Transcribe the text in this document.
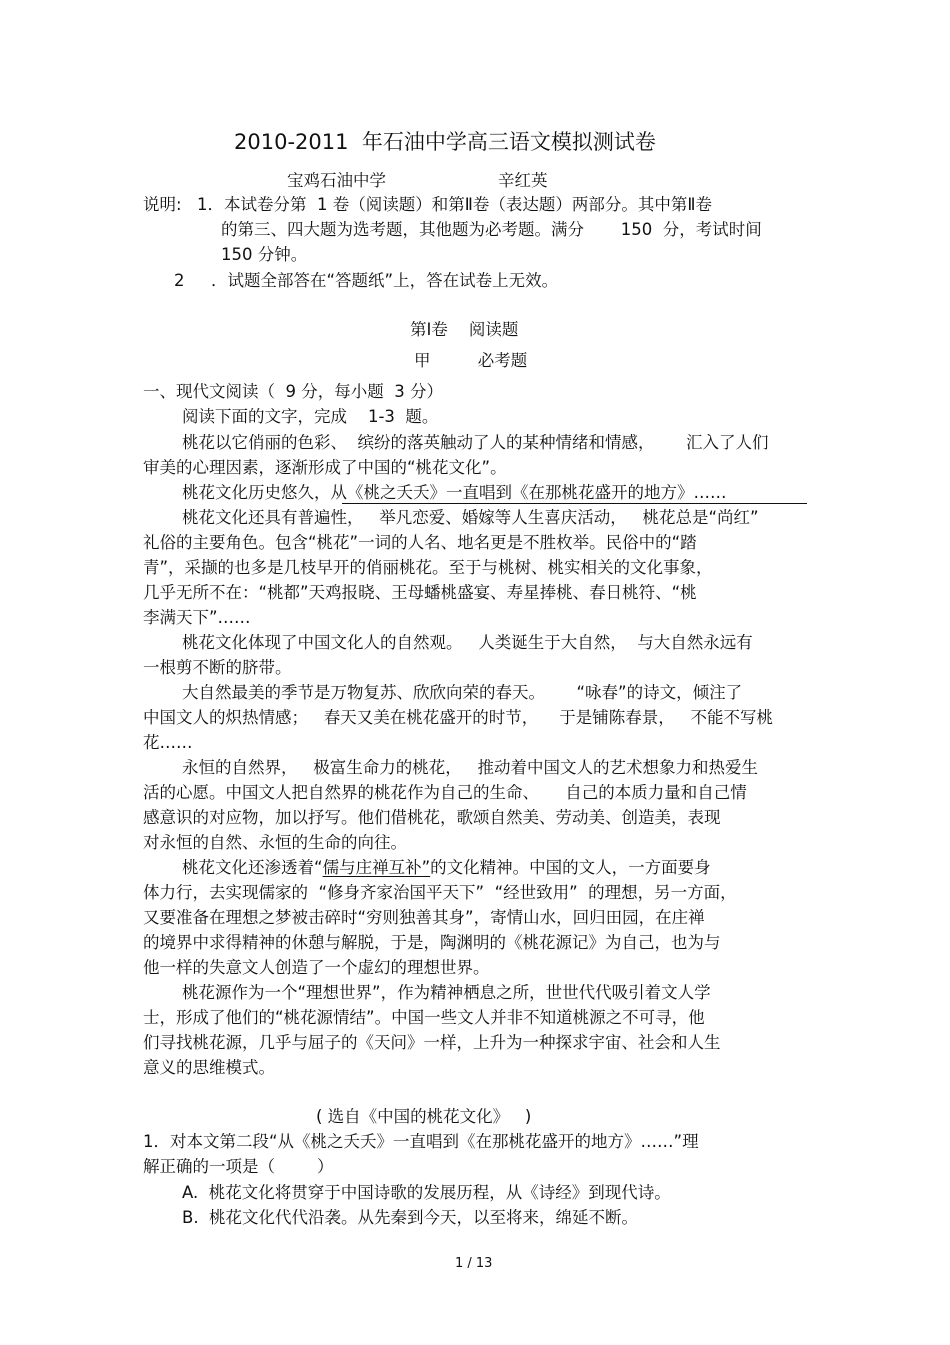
2010-2011  年石油中学高三语文模拟测试卷
宝鸡石油中学	辛红英
说明: 1．本试卷分第  1 卷（阅读题）和第Ⅱ卷（表达题）两部分。其中第Ⅱ卷
的第三、四大题为选考题，其他题为必考题。满分       150  分，考试时间
150 分钟。
2 ．试题全部答在“答题纸”上，答在试卷上无效。
第Ⅰ卷    阅读题
甲         必考题
一、现代文阅读（  9 分，每小题  3 分）
阅读下面的文字，完成    1-3  题。
桃花以它俏丽的色彩、  缤纷的落英触动了人的某种情绪和情感，      汇入了人们
审美的心理因素，逐渐形成了中国的“桃花文化”。
桃花文化历史悠久，从《桃之夭夭》一直唱到《在那桃花盛开的地方》……
桃花文化还具有普遍性，   举凡恋爱、婚嫁等人生喜庆活动，   桃花总是“尚红”
礼俗的主要角色。包含“桃花”一词的人名、地名更是不胜枚举。民俗中的“踏
青”，采撷的也多是几枝早开的俏丽桃花。至于与桃树、桃实相关的文化事象，
几乎无所不在：“桃都”天鸡报晓、王母蟠桃盛宴、寿星捧桃、春日桃符、“桃
李满天下”……
桃花文化体现了中国文化人的自然观。   人类诞生于大自然，  与大自然永远有
一根剪不断的脐带。
大自然最美的季节是万物复苏、欣欣向荣的春天。      “咏春”的诗文，倾注了
中国文人的炽热情感；   春天又美在桃花盛开的时节，    于是铺陈春景，   不能不写桃
花……
永恒的自然界，   极富生命力的桃花，   推动着中国文人的艺术想象力和热爱生
活的心愿。中国文人把自然界的桃花作为自己的生命、     自己的本质力量和自己情
感意识的对应物，加以抒写。他们借桃花，歌颂自然美、劳动美、创造美，表现
对永恒的自然、永恒的生命的向往。
桃花文化还渗透着“儒与庄禅互补”的文化精神。中国的文人，一方面要身
体力行，去实现儒家的  “修身齐家治国平天下”  “经世致用”  的理想，另一方面，
又要准备在理想之梦被击碎时“穷则独善其身”，寄情山水，回归田园，在庄禅
的境界中求得精神的休憩与解脱，于是，陶渊明的《桃花源记》为自己，也为与
他一样的失意文人创造了一个虚幻的理想世界。
桃花源作为一个“理想世界”，作为精神栖息之所，世世代代吸引着文人学
士，形成了他们的“桃花源情结”。中国一些文人并非不知道桃源之不可寻，他
们寻找桃花源，几乎与屈子的《天问》一样，上升为一种探求宇宙、社会和人生
意义的思维模式。
( 选自《中国的桃花文化》   )
1．对本文第二段“从《桃之夭夭》一直唱到《在那桃花盛开的地方》……”理
解正确的一项是（        ）
A.  桃花文化将贯穿于中国诗歌的发展历程，从《诗经》到现代诗。
B.  桃花文化代代沿袭。从先秦到今天，以至将来，绵延不断。
1 / 13
